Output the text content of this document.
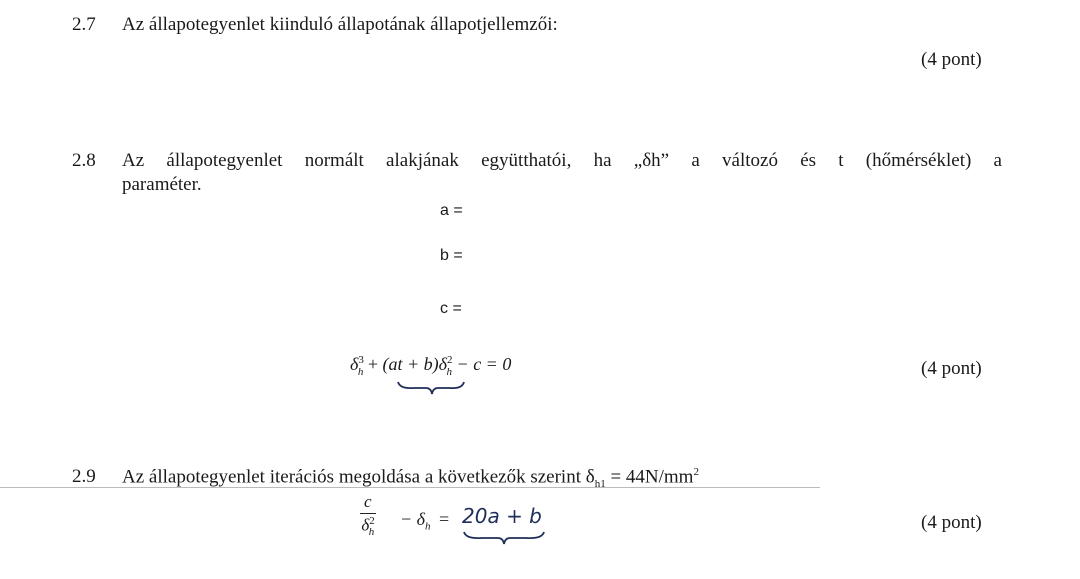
2.7 Az állapotegyenlet kiinduló állapotának állapotjellemzői:
(4 pont)
2.8 Az állapotegyenlet normált alakjának együtthatói, ha „δh” a változó és t (hőmérséklet) a
paraméter.
a =
b =
c =
$\delta^3_h + (at + b)\delta^2_h - c = 0$	(4 pont)
2.9 Az állapotegyenlet iterációs megoldása a következők szerint $\delta_{h1} = 44N/mm^2$
$\frac{c}{\delta^2_h} - \delta_h = 20a + b$	(4 pont)
